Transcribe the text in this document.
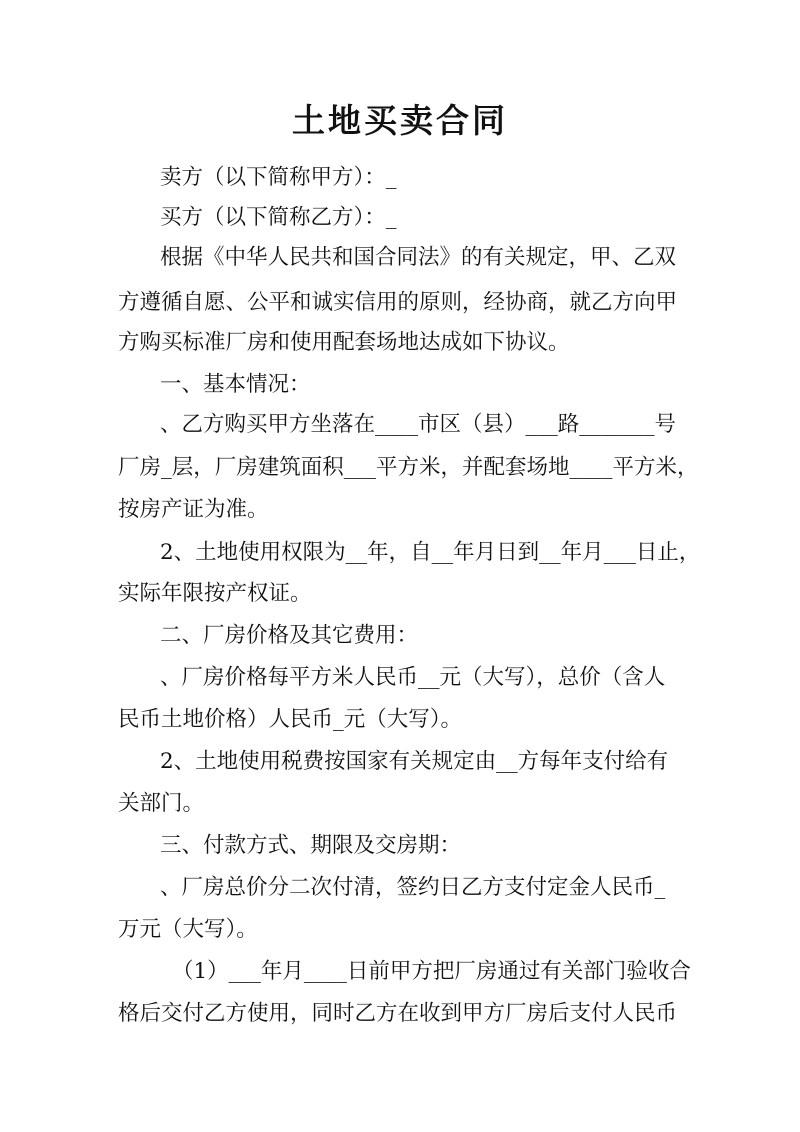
土地买卖合同
卖方（以下简称甲方）：_
买方（以下简称乙方）：_
根据《中华人民共和国合同法》的有关规定，甲、乙双
方遵循自愿、公平和诚实信用的原则，经协商，就乙方向甲
方购买标准厂房和使用配套场地达成如下协议。
一、基本情况：
、乙方购买甲方坐落在____市区（县）___路_______号
厂房_层，厂房建筑面积___平方米，并配套场地____平方米，
按房产证为准。
2、土地使用权限为__年，自__年月日到__年月___日止，
实际年限按产权证。
二、厂房价格及其它费用：
、厂房价格每平方米人民币__元（大写），总价（含人
民币土地价格）人民币_元（大写）。
2、土地使用税费按国家有关规定由__方每年支付给有
关部门。
三、付款方式、期限及交房期：
、厂房总价分二次付清，签约日乙方支付定金人民币_
万元（大写）。
（1）___年月____日前甲方把厂房通过有关部门验收合
格后交付乙方使用，同时乙方在收到甲方厂房后支付人民币
